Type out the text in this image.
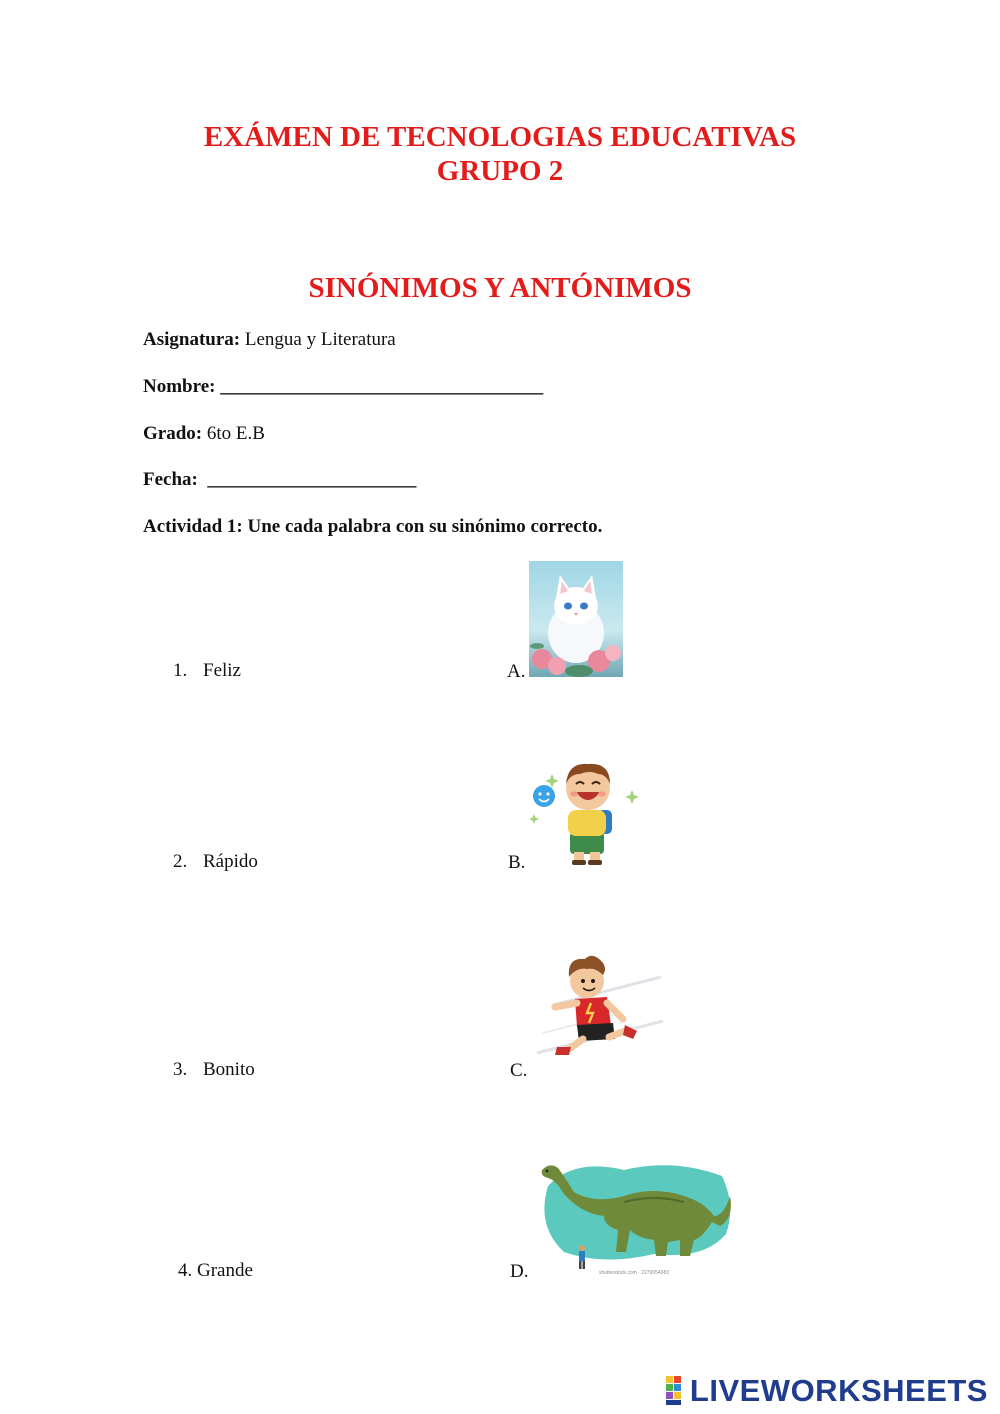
EXÁMEN DE TECNOLOGIAS EDUCATIVAS
GRUPO 2
SINÓNIMOS Y ANTÓNIMOS
Asignatura: Lengua y Literatura
Nombre: __________________________________
Grado: 6to E.B
Fecha: ______________________
Actividad 1: Une cada palabra con su sinónimo correcto.
1. Feliz
2. Rápido
3. Bonito
4. Grande
A.
B.
C.
D.	shutterstock.com · 2279054983
LIVEWORKSHEETS
